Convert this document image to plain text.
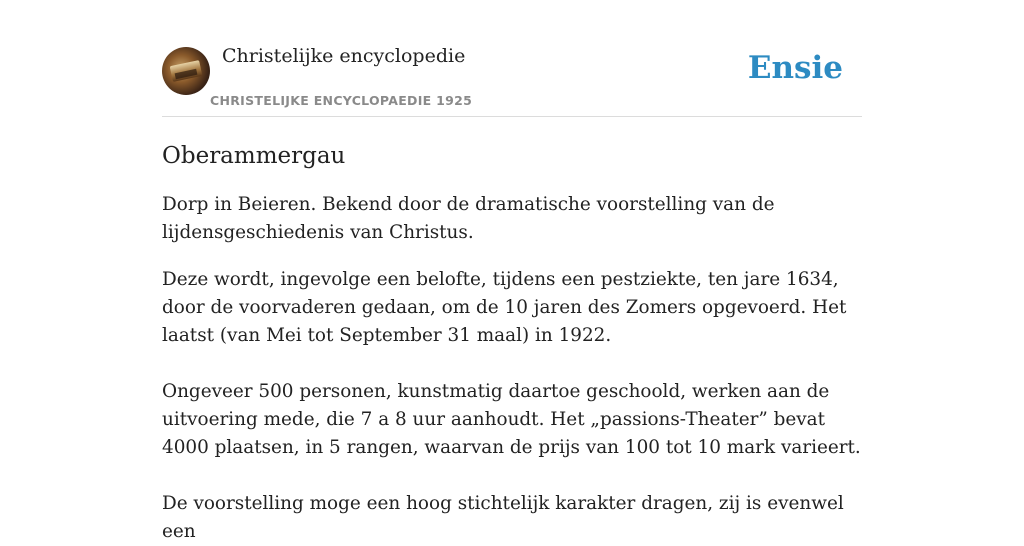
Christelijke encyclopedie
CHRISTELIJKE ENCYCLOPAEDIE 1925
Ensie
Oberammergau

Dorp in Beieren. Bekend door de dramatische voorstelling van de lijdensgeschiedenis van Christus.

Deze wordt, ingevolge een belofte, tijdens een pestziekte, ten jare 1634, door de voorvaderen gedaan, om de 10 jaren des Zomers opgevoerd. Het laatst (van Mei tot September 31 maal) in 1922.

Ongeveer 500 personen, kunstmatig daartoe geschoold, werken aan de uitvoering mede, die 7 a 8 uur aanhoudt. Het „passions-Theater” bevat 4000 plaatsen, in 5 rangen, waarvan de prijs van 100 tot 10 mark varieert.

De voorstelling moge een hoog stichtelijk karakter dragen, zij is evenwel een
